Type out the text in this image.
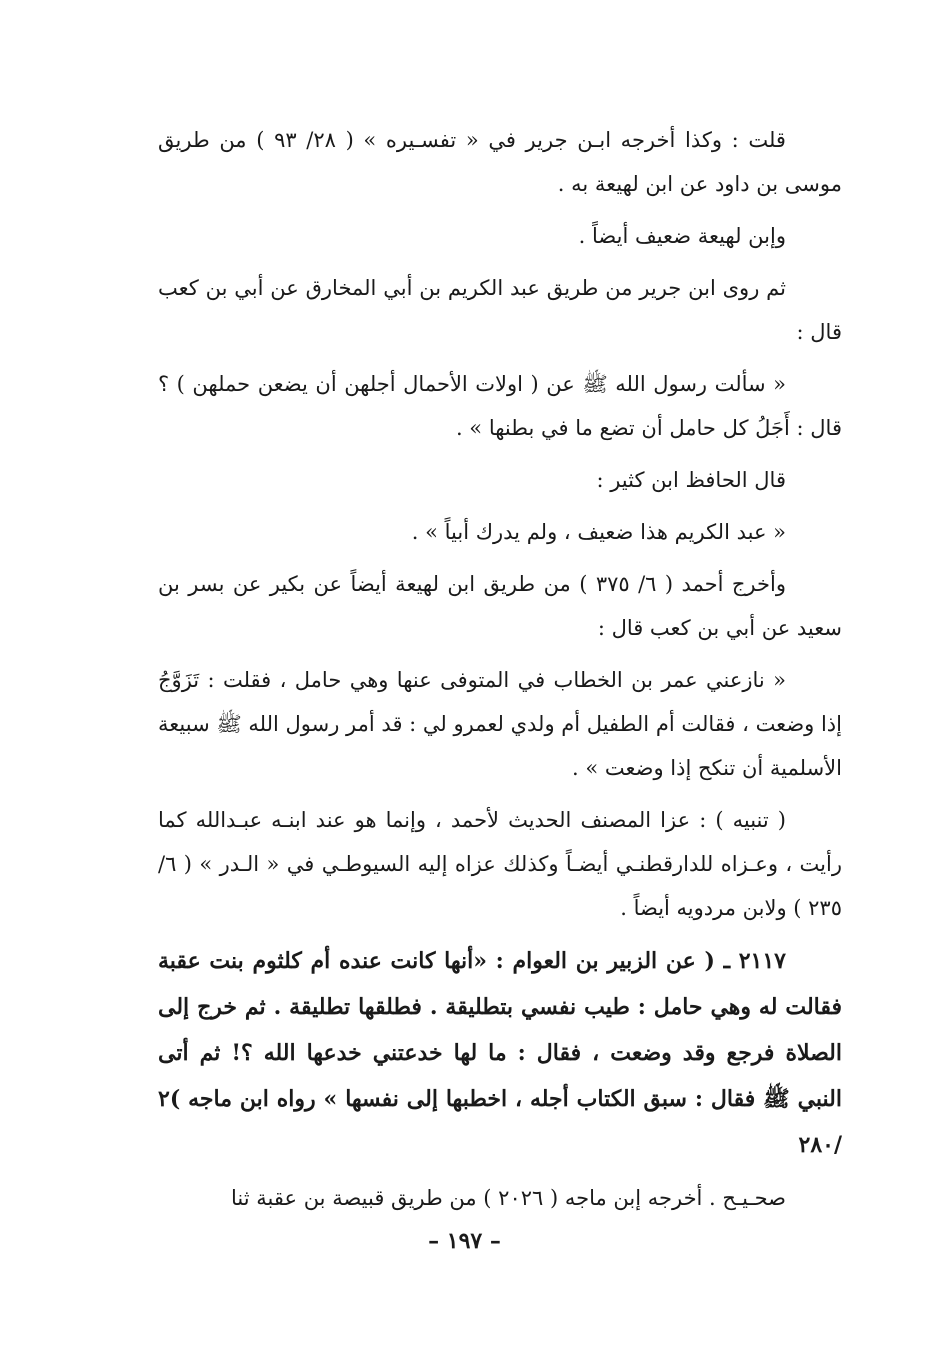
قلت : وكذا أخرجه ابـن جرير في « تفسـيره » ( ٢٨/ ٩٣ ) من طريق موسى بن داود عن ابن لهيعة به .

وإبن لهيعة ضعيف أيضاً .

ثم روى ابن جرير من طريق عبد الكريم بن أبي المخارق عن أبي بن كعب قال :

« سألت رسول الله ﷺ عن ( اولات الأحمال أجلهن أن يضعن حملهن ) ؟ قال : أَجَلُ كل حامل أن تضع ما في بطنها » .

قال الحافظ ابن كثير :

« عبد الكريم هذا ضعيف ، ولم يدرك أبياً » .

وأخرج أحمد ( ٦/ ٣٧٥ ) من طريق ابن لهيعة أيضاً عن بكير عن بسر بن سعيد عن أبي بن كعب قال :

« نازعني عمر بن الخطاب في المتوفى عنها وهي حامل ، فقلت : تَزَوَّجُ إذا وضعت ، فقالت أم الطفيل أم ولدي لعمرو لي : قد أمر رسول الله ﷺ سبيعة الأسلمية أن تنكح إذا وضعت » .

( تنبيه ) : عزا المصنف الحديث لأحمد ، وإنما هو عند ابنـه عبـدالله كما رأيت ، وعـزاه للدارقطنـي أيضـاً وكذلك عزاه إليه السيوطـي في « الـدر » ( ٦/ ٢٣٥ ) ولابن مردويه أيضاً .

٢١١٧ ـ ( عن الزبير بن العوام : «أنها كانت عنده أم كلثوم بنت عقبة فقالت له وهي حامل : طيب نفسي بتطليقة . فطلقها تطليقة . ثم خرج إلى الصلاة فرجع وقد وضعت ، فقال : ما لها خدعتني خدعها الله ؟! ثم أتى النبي ﷺ فقال : سبق الكتاب أجله ، اخطبها إلى نفسها » رواه ابن ماجه )٢ /٢٨٠

صحـيـح . أخرجه إبن ماجه ( ٢٠٢٦ ) من طريق قبيصة بن عقبة ثنا

– ١٩٧ –
